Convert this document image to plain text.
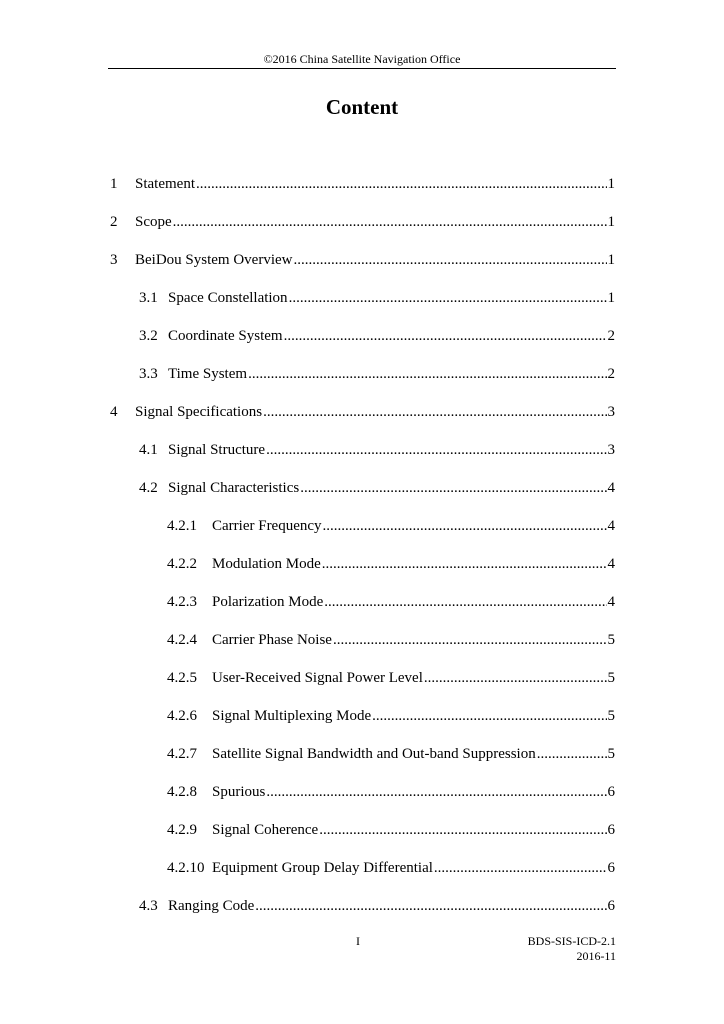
©2016 China Satellite Navigation Office
Content
1	Statement .....	1
2	Scope .....	1
3	BeiDou System Overview .....	1
3.1 Space Constellation .....	1
3.2 Coordinate System .....	2
3.3 Time System .....	2
4	Signal Specifications .....	3
4.1 Signal Structure .....	3
4.2 Signal Characteristics .....	4
4.2.1	Carrier Frequency .....	4
4.2.2	Modulation Mode .....	4
4.2.3	Polarization Mode .....	4
4.2.4	Carrier Phase Noise .....	5
4.2.5	User-Received Signal Power Level .....	5
4.2.6	Signal Multiplexing Mode .....	5
4.2.7	Satellite Signal Bandwidth and Out-band Suppression .....	5
4.2.8	Spurious .....	6
4.2.9	Signal Coherence .....	6
4.2.10 Equipment Group Delay Differential .....	6
4.3 Ranging Code .....	6
I	BDS-SIS-ICD-2.1
2016-11
